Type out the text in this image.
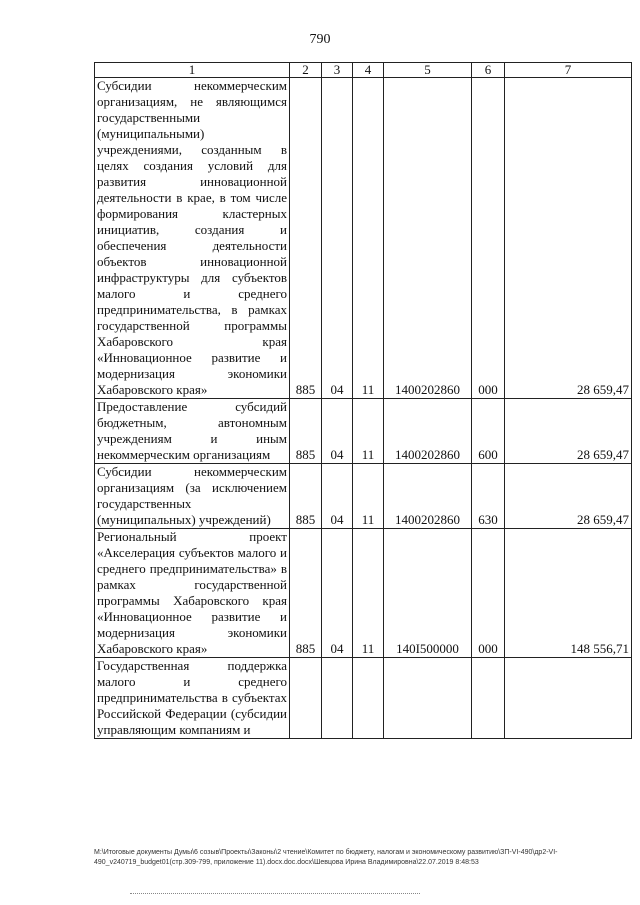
790
1	2	3	4	5	6	7
Субсидии некоммерческим организациям, не являющимся государственными (муниципальными) учреждениями, созданным в целях создания условий для развития инновационной деятельности в крае, в том числе формирования кластерных инициатив, создания и обеспечения деятельности объектов инновационной инфраструктуры для субъектов малого и среднего предпринимательства, в рамках государственной программы Хабаровского края «Инновационное развитие и модернизация экономики Хабаровского края»	885	04	11	1400202860	000	28 659,47
Предоставление субсидий бюджетным, автономным учреждениям и иным некоммерческим организациям	885	04	11	1400202860	600	28 659,47
Субсидии некоммерческим организациям (за исключением государственных (муниципальных) учреждений)	885	04	11	1400202860	630	28 659,47
Региональный проект «Акселерация субъектов малого и среднего предпринимательства» в рамках государственной программы Хабаровского края «Инновационное развитие и модернизация экономики Хабаровского края»	885	04	11	140I500000	000	148 556,71
Государственная поддержка малого и среднего предпринимательства в субъектах Российской Федерации (субсидии управляющим компаниям и						
M:\Итоговые документы Думы\6 созыв\Проекты\Законы\2 чтение\Комитет по бюджету, налогам и экономическому развитию\ЗП-VI-490\др2-VI-490_v240719_budget01(стр.309-799, приложение 11).docx.doc.docx\Шевцова Ирина Владимировна\22.07.2019 8:48:53
